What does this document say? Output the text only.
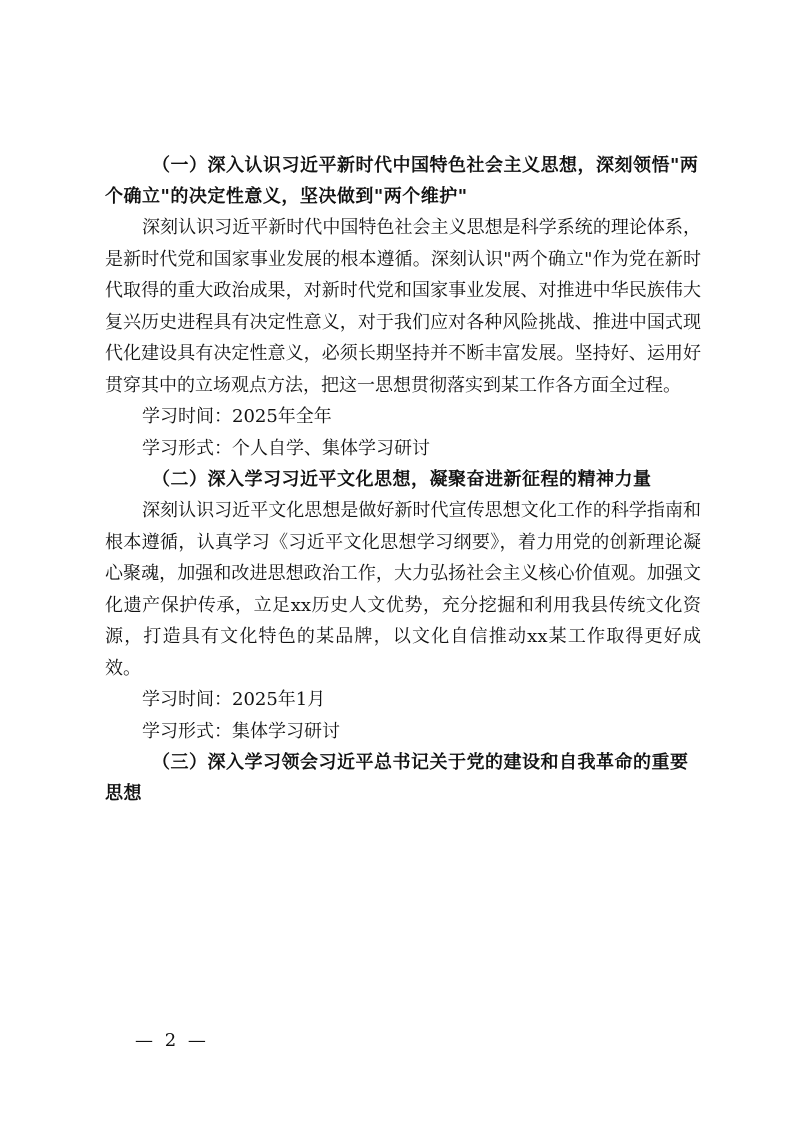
（一）深入认识习近平新时代中国特色社会主义思想，深刻领悟"两个确立"的决定性意义，坚决做到"两个维护"

深刻认识习近平新时代中国特色社会主义思想是科学系统的理论体系，是新时代党和国家事业发展的根本遵循。深刻认识"两个确立"作为党在新时代取得的重大政治成果，对新时代党和国家事业发展、对推进中华民族伟大复兴历史进程具有决定性意义，对于我们应对各种风险挑战、推进中国式现代化建设具有决定性意义，必须长期坚持并不断丰富发展。坚持好、运用好贯穿其中的立场观点方法，把这一思想贯彻落实到某工作各方面全过程。

学习时间：2025年全年

学习形式：个人自学、集体学习研讨

（二）深入学习习近平文化思想，凝聚奋进新征程的精神力量

深刻认识习近平文化思想是做好新时代宣传思想文化工作的科学指南和根本遵循，认真学习《习近平文化思想学习纲要》，着力用党的创新理论凝心聚魂，加强和改进思想政治工作，大力弘扬社会主义核心价值观。加强文化遗产保护传承，立足xx历史人文优势，充分挖掘和利用我县传统文化资源，打造具有文化特色的某品牌，以文化自信推动xx某工作取得更好成效。

学习时间：2025年1月

学习形式：集体学习研讨

（三）深入学习领会习近平总书记关于党的建设和自我革命的重要思想

— 2 —
